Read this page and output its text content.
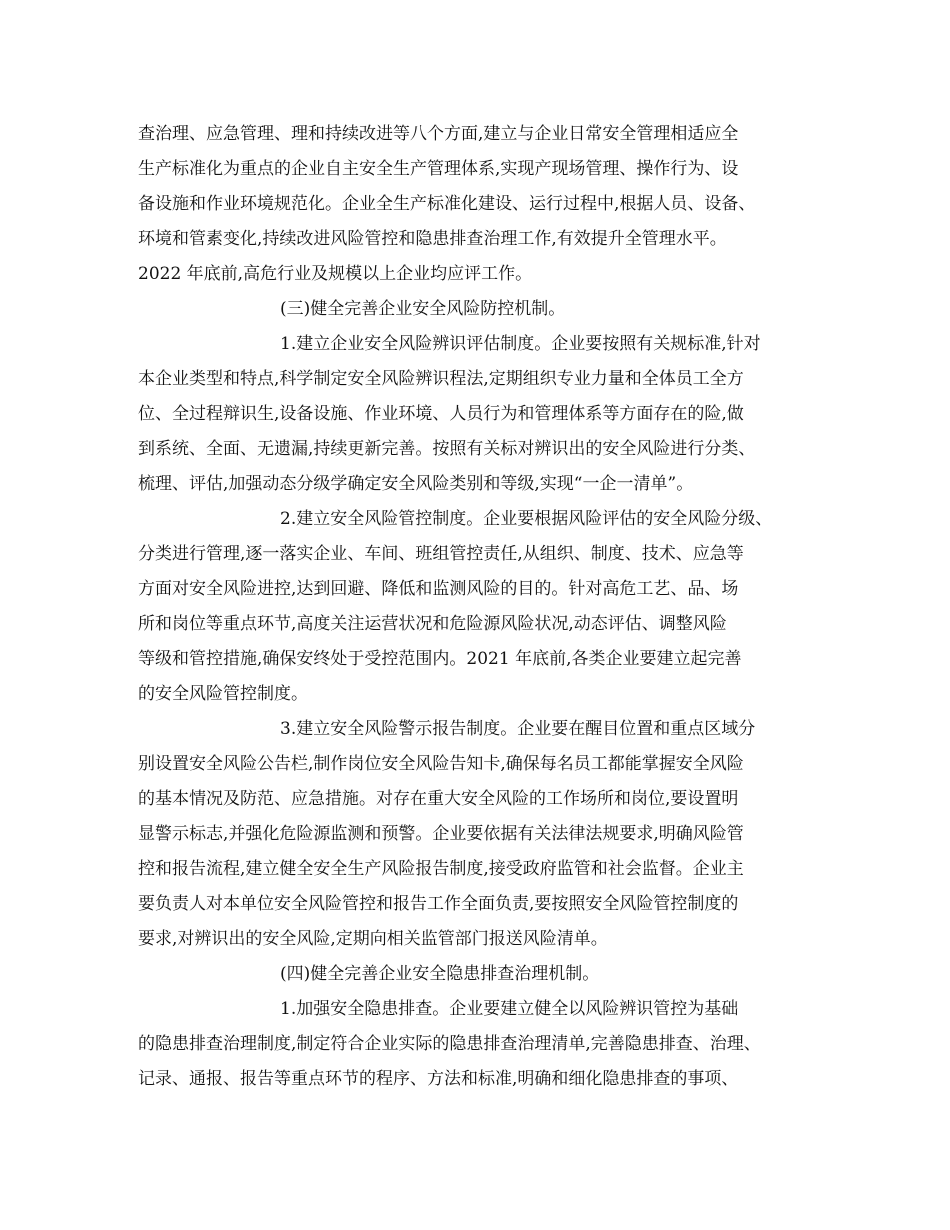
查治理、应急管理、理和持续改进等八个方面,建立与企业日常安全管理相适应全
生产标准化为重点的企业自主安全生产管理体系,实现产现场管理、操作行为、设
备设施和作业环境规范化。企业全生产标准化建设、运行过程中,根据人员、设备、
环境和管素变化,持续改进风险管控和隐患排查治理工作,有效提升全管理水平。
2022 年底前,高危行业及规模以上企业均应评工作。
(三)健全完善企业安全风险防控机制。
1.建立企业安全风险辨识评估制度。企业要按照有关规标准,针对
本企业类型和特点,科学制定安全风险辨识程法,定期组织专业力量和全体员工全方
位、全过程辩识生,设备设施、作业环境、人员行为和管理体系等方面存在的险,做
到系统、全面、无遗漏,持续更新完善。按照有关标对辨识出的安全风险进行分类、
梳理、评估,加强动态分级学确定安全风险类别和等级,实现“一企一清单”。
2.建立安全风险管控制度。企业要根据风险评估的安全风险分级、
分类进行管理,逐一落实企业、车间、班组管控责任,从组织、制度、技术、应急等
方面对安全风险进控,达到回避、降低和监测风险的目的。针对高危工艺、品、场
所和岗位等重点环节,高度关注运营状况和危险源风险状况,动态评估、调整风险
等级和管控措施,确保安终处于受控范围内。2021 年底前,各类企业要建立起完善
的安全风险管控制度。
3.建立安全风险警示报告制度。企业要在醒目位置和重点区域分
别设置安全风险公告栏,制作岗位安全风险告知卡,确保每名员工都能掌握安全风险
的基本情况及防范、应急措施。对存在重大安全风险的工作场所和岗位,要设置明
显警示标志,并强化危险源监测和预警。企业要依据有关法律法规要求,明确风险管
控和报告流程,建立健全安全生产风险报告制度,接受政府监管和社会监督。企业主
要负责人对本单位安全风险管控和报告工作全面负责,要按照安全风险管控制度的
要求,对辨识出的安全风险,定期向相关监管部门报送风险清单。
(四)健全完善企业安全隐患排查治理机制。
1.加强安全隐患排查。企业要建立健全以风险辨识管控为基础
的隐患排查治理制度,制定符合企业实际的隐患排查治理清单,完善隐患排查、治理、
记录、通报、报告等重点环节的程序、方法和标准,明确和细化隐患排查的事项、
